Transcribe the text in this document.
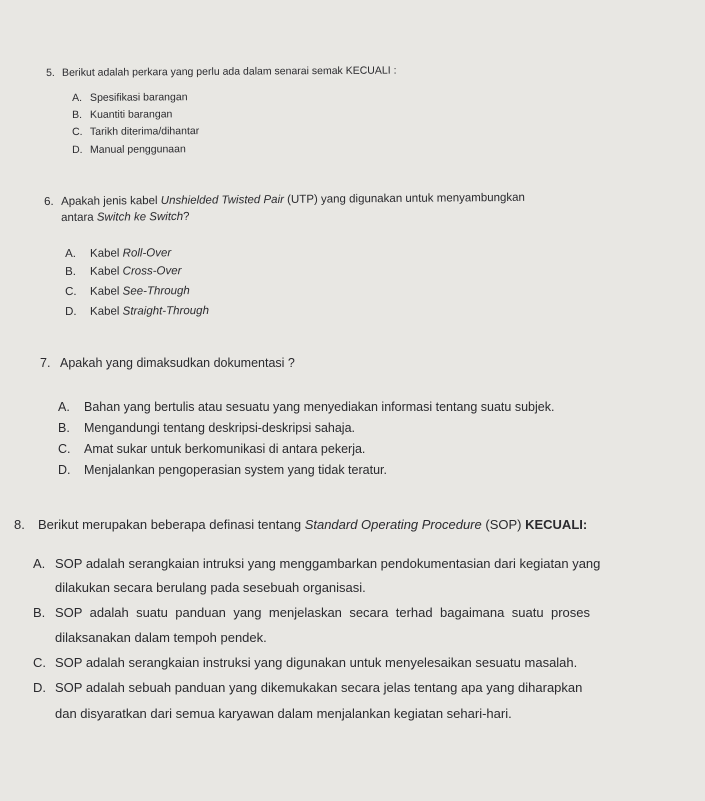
5. Berikut adalah perkara yang perlu ada dalam senarai semak KECUALI :
A. Spesifikasi barangan
B. Kuantiti barangan
C. Tarikh diterima/dihantar
D. Manual penggunaan
6. Apakah jenis kabel Unshielded Twisted Pair (UTP) yang digunakan untuk menyambungkan
antara Switch ke Switch?
A. Kabel Roll-Over
B. Kabel Cross-Over
C. Kabel See-Through
D. Kabel Straight-Through
7. Apakah yang dimaksudkan dokumentasi ?
A. Bahan yang bertulis atau sesuatu yang menyediakan informasi tentang suatu subjek.
B. Mengandungi tentang deskripsi-deskripsi sahaja.
C. Amat sukar untuk berkomunikasi di antara pekerja.
D. Menjalankan pengoperasian system yang tidak teratur.
8. Berikut merupakan beberapa definasi tentang Standard Operating Procedure (SOP) KECUALI:
A. SOP adalah serangkaian intruksi yang menggambarkan pendokumentasian dari kegiatan yang
dilakukan secara berulang pada sesebuah organisasi.
B. SOP adalah suatu panduan yang menjelaskan secara terhad bagaimana suatu proses
dilaksanakan dalam tempoh pendek.
C. SOP adalah serangkaian instruksi yang digunakan untuk menyelesaikan sesuatu masalah.
D. SOP adalah sebuah panduan yang dikemukakan secara jelas tentang apa yang diharapkan
dan disyaratkan dari semua karyawan dalam menjalankan kegiatan sehari-hari.
